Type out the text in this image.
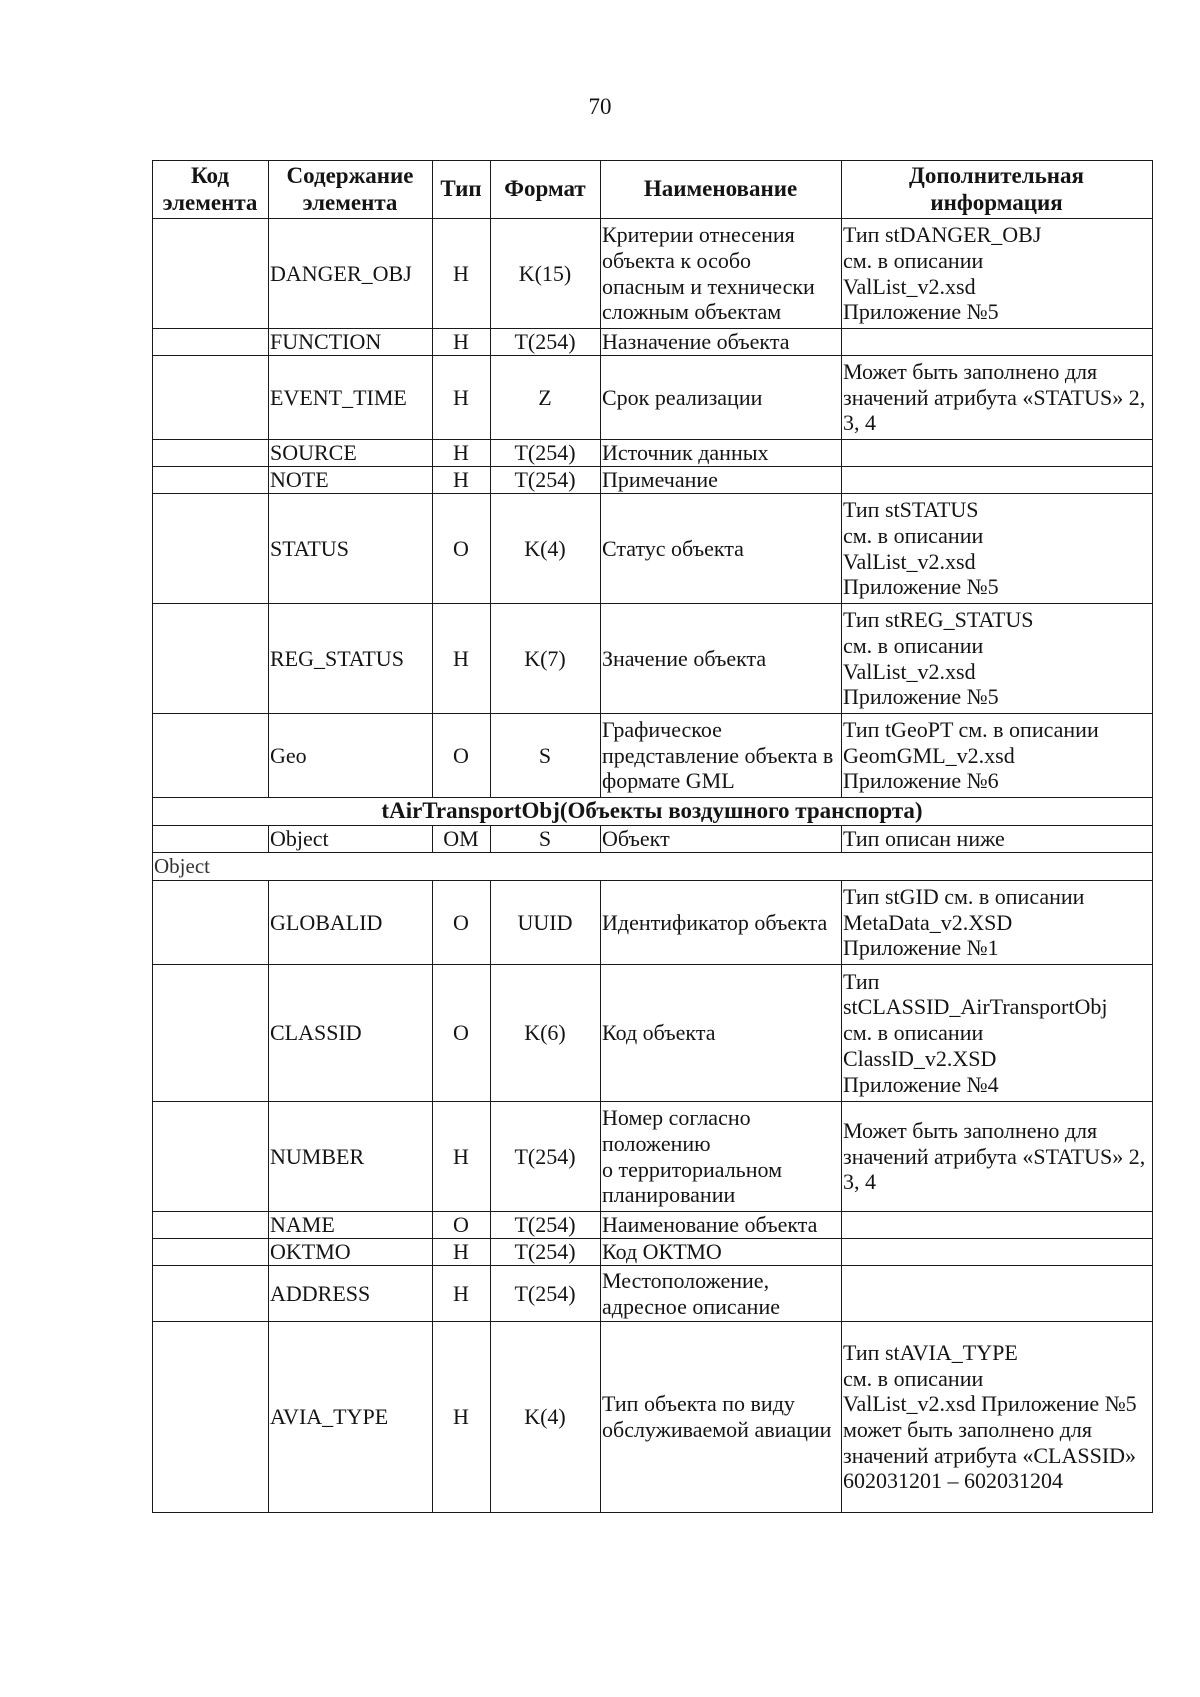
70
Код элемента	Содержание элемента	Тип	Формат	Наименование	Дополнительная информация
	DANGER_OBJ	Н	K(15)	Критерии отнесения объекта к особо опасным и технически сложным объектам	Тип stDANGER_OBJ
см. в описании
ValList_v2.xsd
Приложение №5
	FUNCTION	Н	T(254)	Назначение объекта	
	EVENT_TIME	Н	Z	Срок реализации	Может быть заполнено для значений атрибута «STATUS» 2, 3, 4
	SOURCE	Н	T(254)	Источник данных	
	NOTE	Н	T(254)	Примечание	
	STATUS	О	K(4)	Статус объекта	Тип stSTATUS
см. в описании
ValList_v2.xsd
Приложение №5
	REG_STATUS	Н	K(7)	Значение объекта	Тип stREG_STATUS
см. в описании
ValList_v2.xsd
Приложение №5
	Geo	О	S	Графическое представление объекта в формате GML	Тип tGeoPT см. в описании GeomGML_v2.xsd
Приложение №6
tAirTransportObj(Объекты воздушного транспорта)					
	Object	ОМ	S	Объект	Тип описан ниже
Object					
	GLOBALID	О	UUID	Идентификатор объекта	Тип stGID см. в описании MetaData_v2.XSD
Приложение №1
	CLASSID	О	K(6)	Код объекта	Тип
stCLASSID_AirTransportObj
см. в описании
ClassID_v2.XSD
Приложение №4
	NUMBER	Н	T(254)	Номер согласно положению
о территориальном планировании	Может быть заполнено для значений атрибута «STATUS» 2, 3, 4
	NAME	О	T(254)	Наименование объекта	
	OKTMO	Н	T(254)	Код ОКТМО	
	ADDRESS	Н	T(254)	Местоположение, адресное описание	
	AVIA_TYPE	Н	K(4)	Тип объекта по виду обслуживаемой авиации	Тип stAVIA_TYPE
см. в описании
ValList_v2.xsd Приложение №5 может быть заполнено для значений атрибута «CLASSID» 602031201 – 602031204
